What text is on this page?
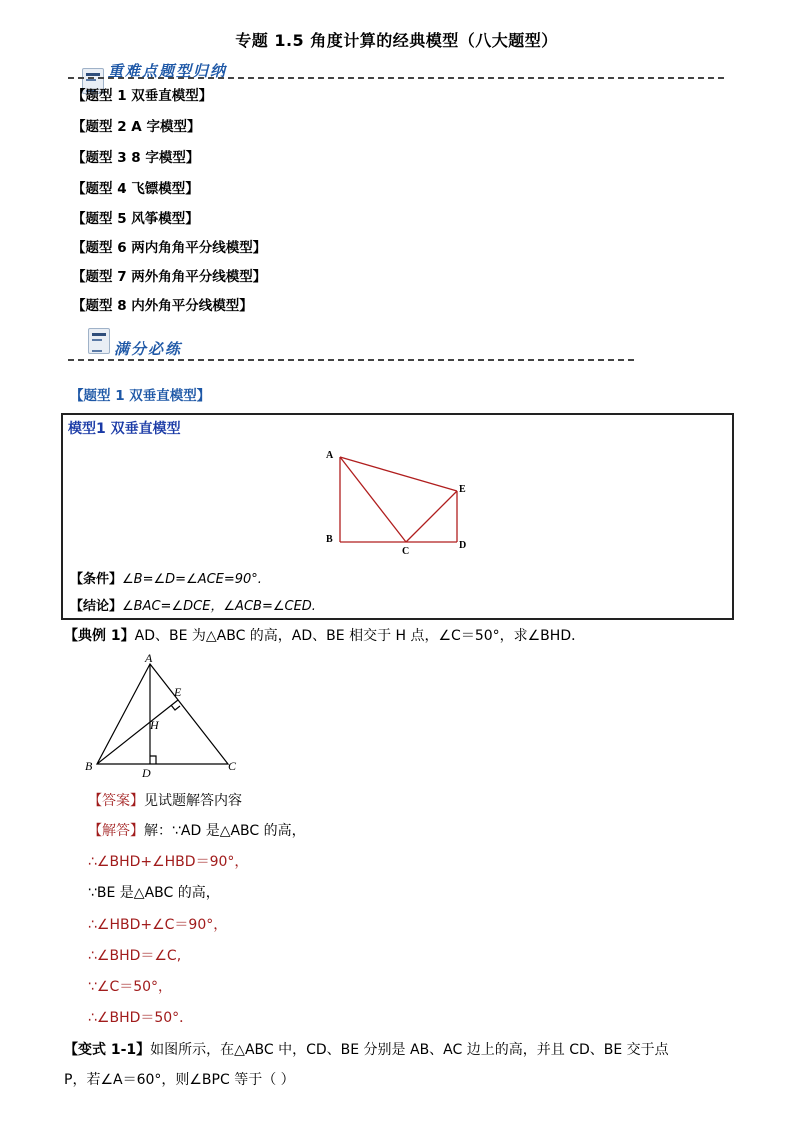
专题 1.5 角度计算的经典模型（八大题型）
重难点题型归纳
【题型 1 双垂直模型】
【题型 2 A 字模型】
【题型 3 8 字模型】
【题型 4 飞镖模型】
【题型 5 风筝模型】
【题型 6 两内角角平分线模型】
【题型 7 两外角角平分线模型】
【题型 8 内外角平分线模型】
满分必练
【题型 1 双垂直模型】
模型1 双垂直模型
A
B
C
D
E
【条件】∠B=∠D=∠ACE=90°.
【结论】∠BAC=∠DCE，∠ACB=∠CED.
【典例 1】AD、BE 为△ABC 的高，AD、BE 相交于 H 点，∠C＝50°，求∠BHD．
A
B	C
D
E
H
【答案】见试题解答内容
【解答】解：∵AD 是△ABC 的高，
∴∠BHD+∠HBD＝90°，
∵BE 是△ABC 的高，
∴∠HBD+∠C＝90°，
∴∠BHD＝∠C,
∵∠C＝50°，
∴∠BHD＝50°．
【变式 1-1】如图所示，在△ABC 中，CD、BE 分别是 AB、AC 边上的高，并且 CD、BE 交于点
P，若∠A＝60°，则∠BPC 等于（ ）
